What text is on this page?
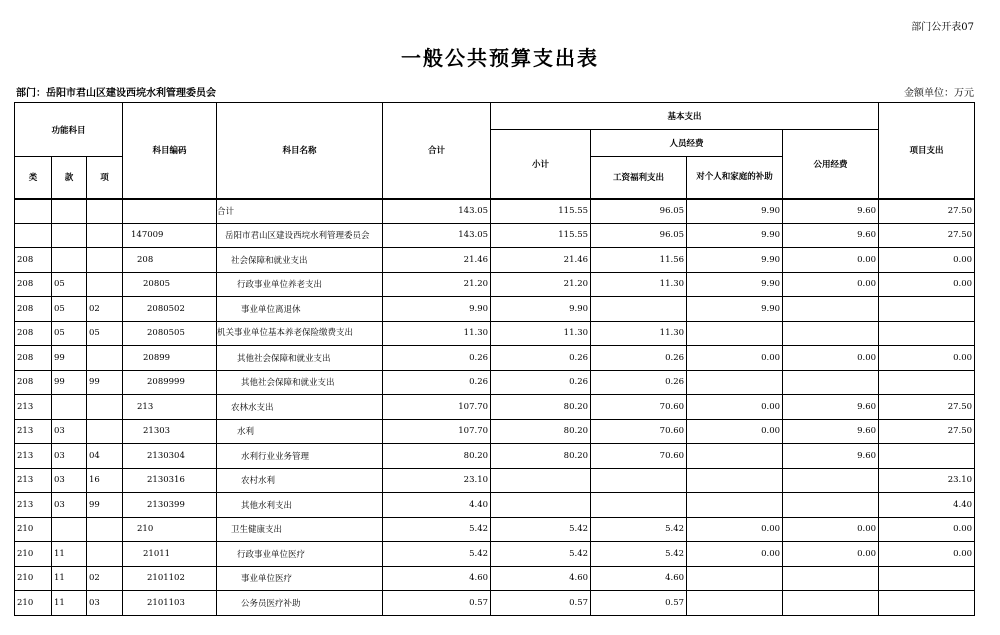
部门公开表07
一般公共预算支出表
部门：岳阳市君山区建设西垸水利管理委员会	金额单位：万元
功能科目			科目编码	科目名称	合计	基本支出				项目支出
						小计	人员经费		公用经费	
类	款	项					工资福利支出	对个人和家庭的补助		
				合计	143.05	115.55	96.05	9.90	9.60	27.50
			147009	岳阳市君山区建设西垸水利管理委员会	143.05	115.55	96.05	9.90	9.60	27.50
208			208	社会保障和就业支出	21.46	21.46	11.56	9.90	0.00	0.00
208	05		20805	行政事业单位养老支出	21.20	21.20	11.30	9.90	0.00	0.00
208	05	02	2080502	事业单位离退休	9.90	9.90		9.90		
208	05	05	2080505	机关事业单位基本养老保险缴费支出	11.30	11.30	11.30			
208	99		20899	其他社会保障和就业支出	0.26	0.26	0.26	0.00	0.00	0.00
208	99	99	2089999	其他社会保障和就业支出	0.26	0.26	0.26			
213			213	农林水支出	107.70	80.20	70.60	0.00	9.60	27.50
213	03		21303	水利	107.70	80.20	70.60	0.00	9.60	27.50
213	03	04	2130304	水利行业业务管理	80.20	80.20	70.60		9.60	
213	03	16	2130316	农村水利	23.10					23.10
213	03	99	2130399	其他水利支出	4.40					4.40
210			210	卫生健康支出	5.42	5.42	5.42	0.00	0.00	0.00
210	11		21011	行政事业单位医疗	5.42	5.42	5.42	0.00	0.00	0.00
210	11	02	2101102	事业单位医疗	4.60	4.60	4.60			
210	11	03	2101103	公务员医疗补助	0.57	0.57	0.57			
